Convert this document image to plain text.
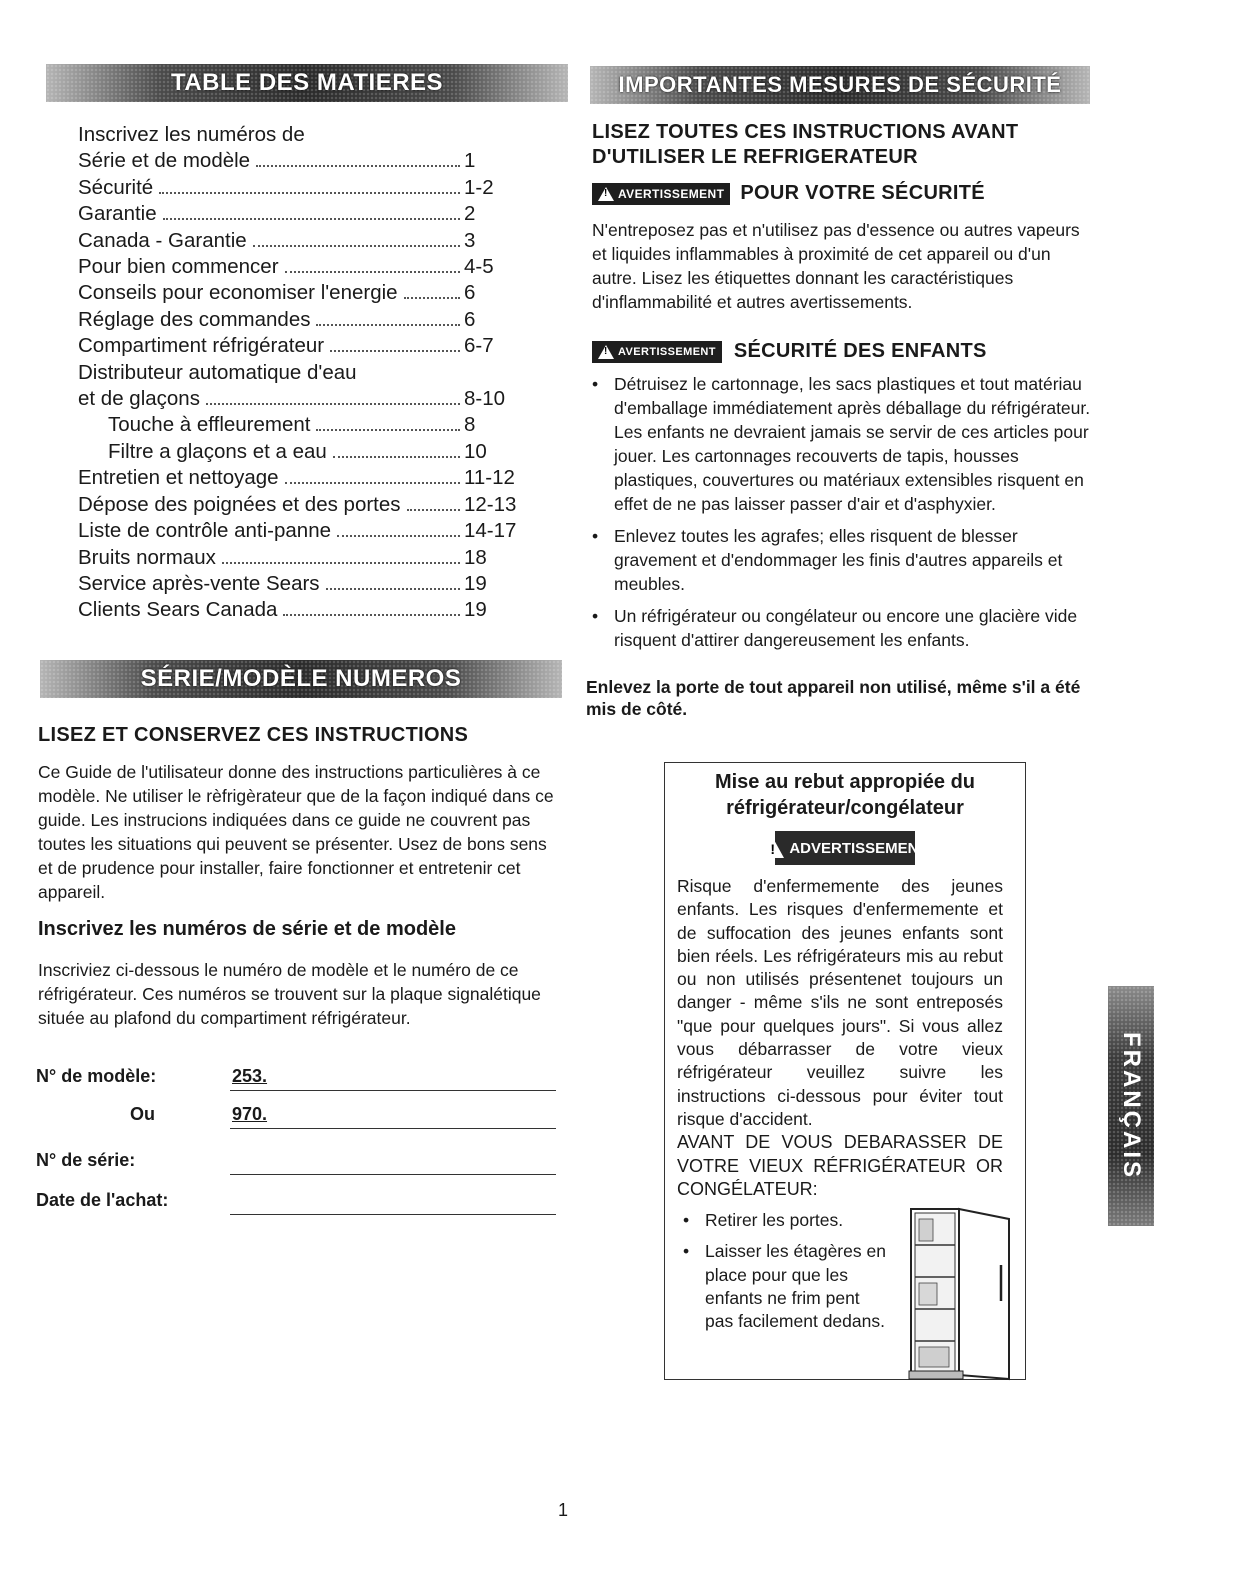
TABLE DES MATIERES
Inscrivez les numéros de
Série et de modèle	1
Sécurité	1-2
Garantie	2
Canada - Garantie	3
Pour bien commencer	4-5
Conseils pour economiser l'energie	6
Réglage des commandes	6
Compartiment réfrigérateur	6-7
Distributeur automatique d'eau
et de glaçons	8-10
Touche à effleurement	8
Filtre a glaçons et a eau	10
Entretien et nettoyage	11-12
Dépose des poignées et des portes	12-13
Liste de contrôle anti-panne	14-17
Bruits normaux	18
Service après-vente Sears	19
Clients Sears Canada	19
SÉRIE/MODÈLE NUMEROS
LISEZ ET CONSERVEZ CES INSTRUCTIONS
Ce Guide de l'utilisateur donne des instructions particulières à ce modèle. Ne utiliser le rèfrigèrateur que de la façon indiqué dans ce guide. Les instrucions indiquées dans ce guide ne couvrent pas toutes les situations qui peuvent se présenter. Usez de bons sens et de prudence pour installer, faire fonctionner et entretenir cet appareil.
Inscrivez les numéros de série et de modèle
Inscriviez ci-dessous le numéro de modèle et le numéro de ce réfrigérateur. Ces numéros se trouvent sur la plaque signalétique située au plafond du compartiment réfrigérateur.
N° de modèle:	253.
Ou	970.
N° de série:
Date de l'achat:
IMPORTANTES MESURES DE SÉCURITÉ
LISEZ TOUTES CES INSTRUCTIONS AVANT D'UTILISER LE REFRIGERATEUR
!
AVERTISSEMENT POUR VOTRE SÉCURITÉ
N'entreposez pas et n'utilisez pas d'essence ou autres vapeurs et liquides inflammables à proximité de cet appareil ou d'un autre. Lisez les étiquettes donnant les caractéristiques d'inflammabilité et autres avertissements.
!
AVERTISSEMENT SÉCURITÉ DES ENFANTS
• Détruisez le cartonnage, les sacs plastiques et tout matériau d'emballage immédiatement après déballage du réfrigérateur. Les enfants ne devraient jamais se servir de ces articles pour jouer. Les cartonnages recouverts de tapis, housses plastiques, couvertures ou matériaux extensibles risquent en effet de ne pas laisser passer d'air et d'asphyxier.
• Enlevez toutes les agrafes; elles risquent de blesser gravement et d'endommager les finis d'autres appareils et meubles.
• Un réfrigérateur ou congélateur ou encore une glacière vide risquent d'attirer dangereusement les enfants.
Enlevez la porte de tout appareil non utilisé, même s'il a été mis de côté.
Mise au rebut appropiée du réfrigérateur/congélateur
!
ADVERTISSEMENT
Risque d'enfermemente des jeunes enfants. Les risques d'enfermemente et de suffocation des jeunes enfants sont bien réels. Les réfrigérateurs mis au rebut ou non utilisés présentenet toujours un danger - même s'ils ne sont entreposés "que pour quelques jours". Si vous allez vous débarrasser de votre vieux réfrigérateur veuillez suivre les instructions ci-dessous pour éviter tout risque d'accident.
AVANT DE VOUS DEBARASSER DE VOTRE VIEUX RÉFRIGÉRATEUR OR CONGÉLATEUR:
• Retirer les portes.
• Laisser les étagères en place pour que les enfants ne frim pent pas facilement dedans.
FRANÇAIS
1
